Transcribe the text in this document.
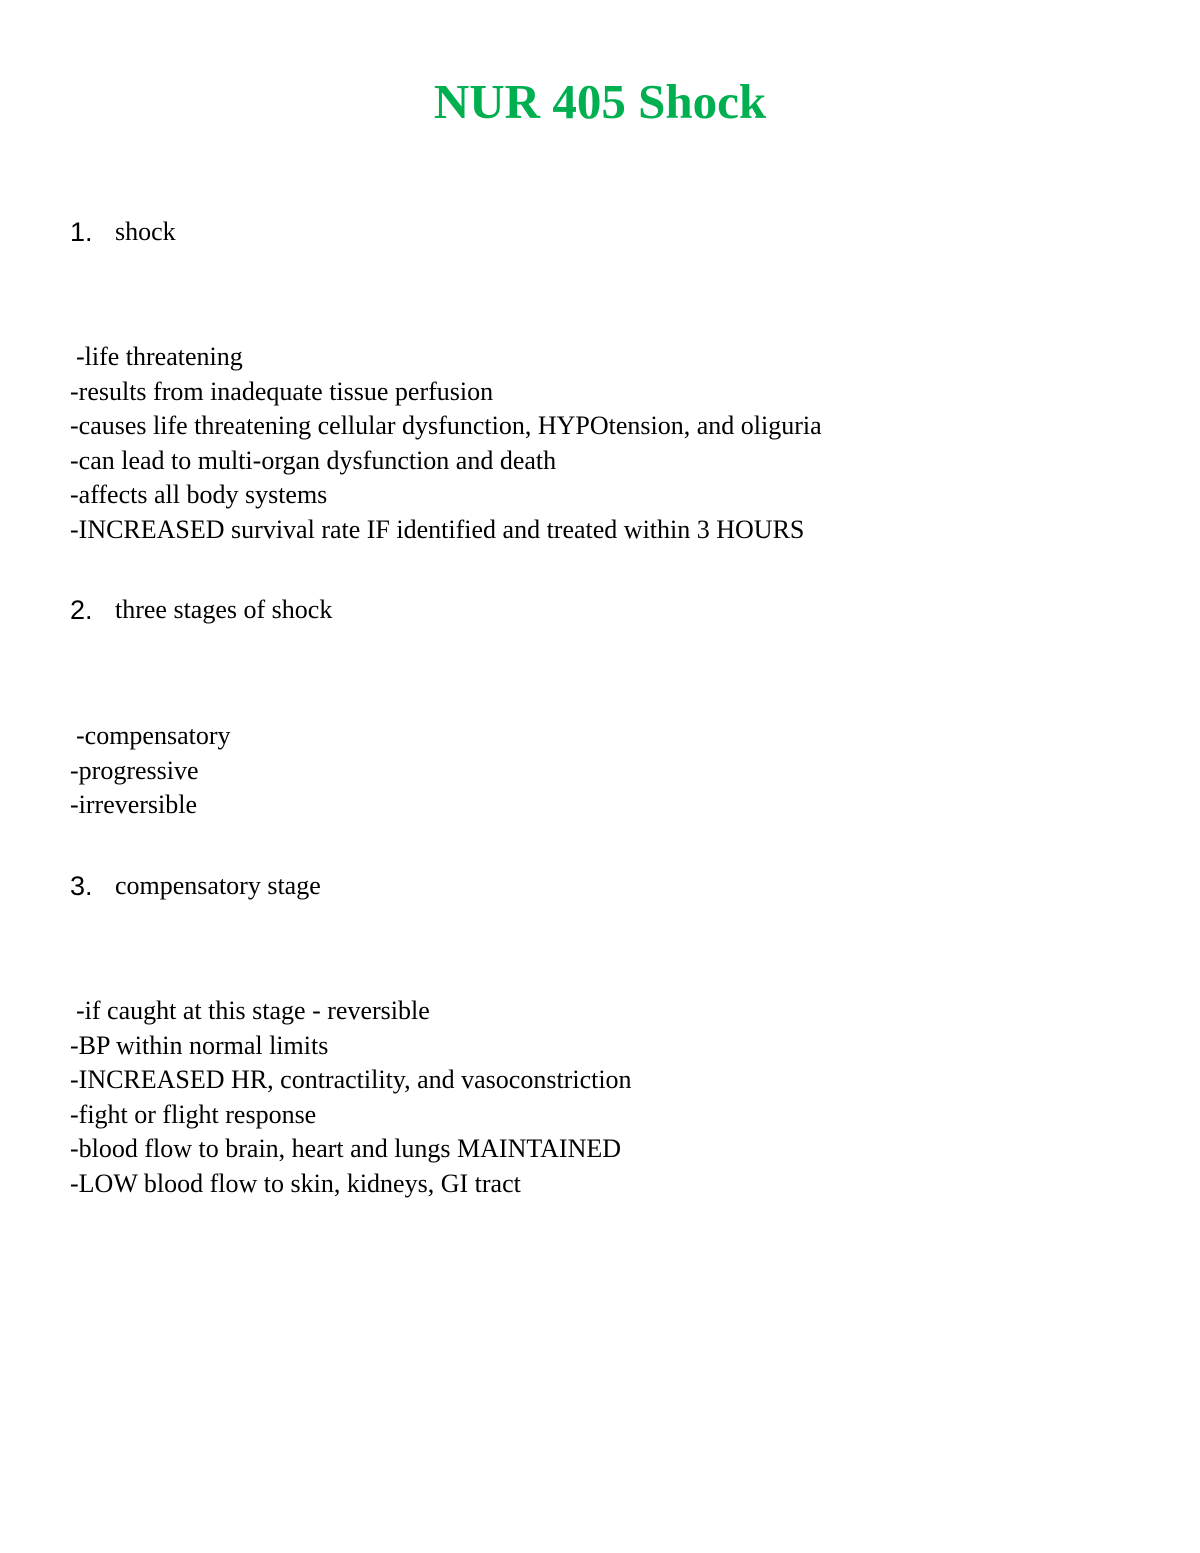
NUR 405 Shock
1. shock
-life threatening
-results from inadequate tissue perfusion
-causes life threatening cellular dysfunction, HYPOtension, and oliguria
-can lead to multi-organ dysfunction and death
-affects all body systems
-INCREASED survival rate IF identified and treated within 3 HOURS
2. three stages of shock
-compensatory
-progressive
-irreversible
3. compensatory stage
-if caught at this stage - reversible
-BP within normal limits
-INCREASED HR, contractility, and vasoconstriction
-fight or flight response
-blood flow to brain, heart and lungs MAINTAINED
-LOW blood flow to skin, kidneys, GI tract
